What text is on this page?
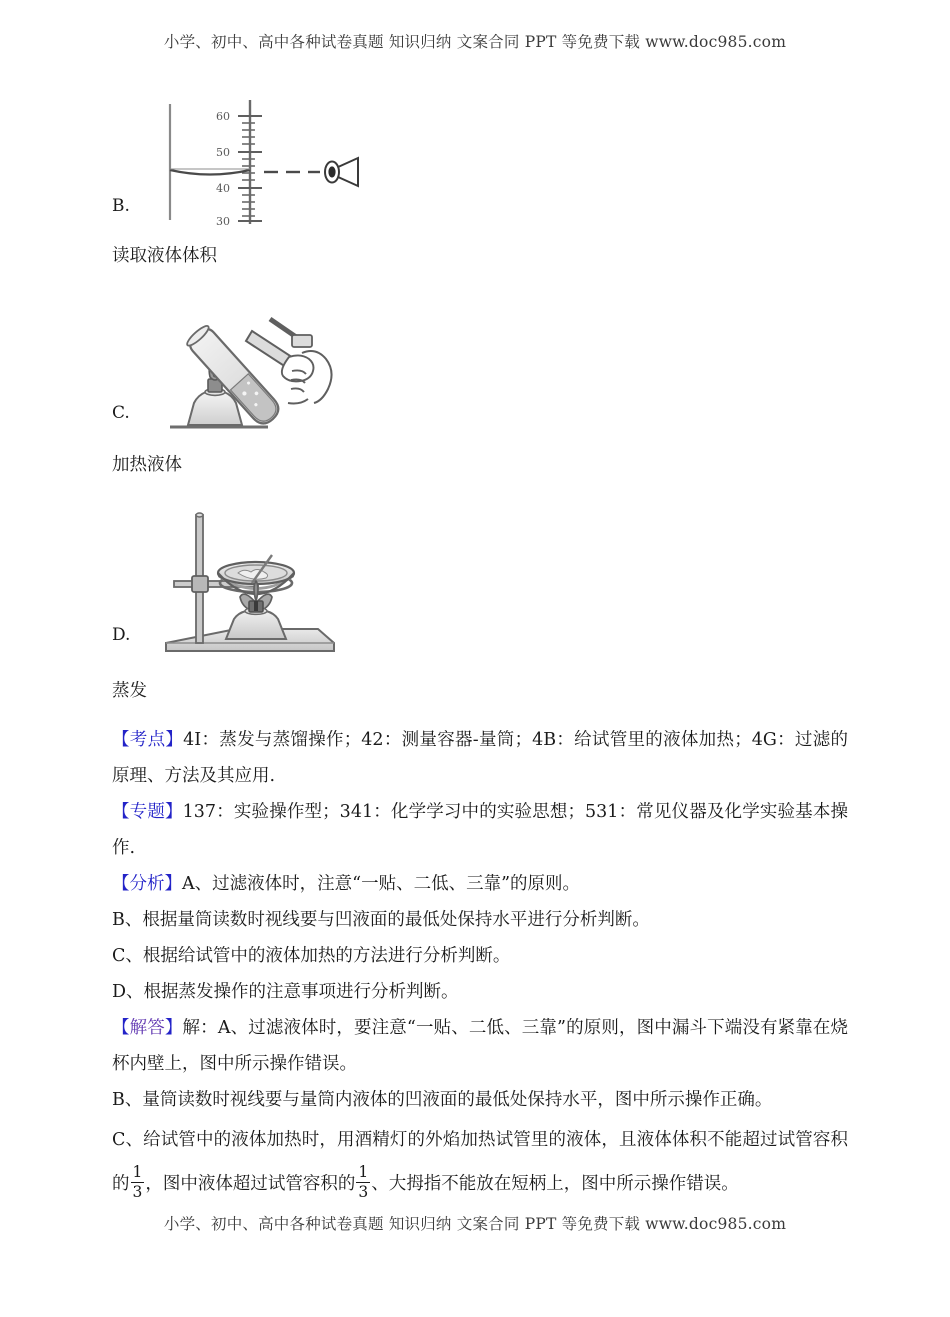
小学、初中、高中各种试卷真题 知识归纳 文案合同 PPT 等免费下载 www.doc985.com
B.
60
50
40
30
读取液体体积
C.
加热液体
D.
蒸发

【考点】4I：蒸发与蒸馏操作；42：测量容器‑量筒；4B：给试管里的液体加热；4G：过滤的原理、方法及其应用.

【专题】137：实验操作型；341：化学学习中的实验思想；531：常见仪器及化学实验基本操作.

【分析】A、过滤液体时，注意“一贴、二低、三靠”的原则。

B、根据量筒读数时视线要与凹液面的最低处保持水平进行分析判断。

C、根据给试管中的液体加热的方法进行分析判断。

D、根据蒸发操作的注意事项进行分析判断。

【解答】解：A、过滤液体时，要注意“一贴、二低、三靠”的原则，图中漏斗下端没有紧靠在烧杯内壁上，图中所示操作错误。

B、量筒读数时视线要与量筒内液体的凹液面的最低处保持水平，图中所示操作正确。

C、给试管中的液体加热时，用酒精灯的外焰加热试管里的液体，且液体体积不能超过试管容积的 $\frac{1}{3}$ ，图中液体超过试管容积的 $\frac{1}{3}$ 、大拇指不能放在短柄上，图中所示操作错误。

小学、初中、高中各种试卷真题 知识归纳 文案合同 PPT 等免费下载 www.doc985.com
